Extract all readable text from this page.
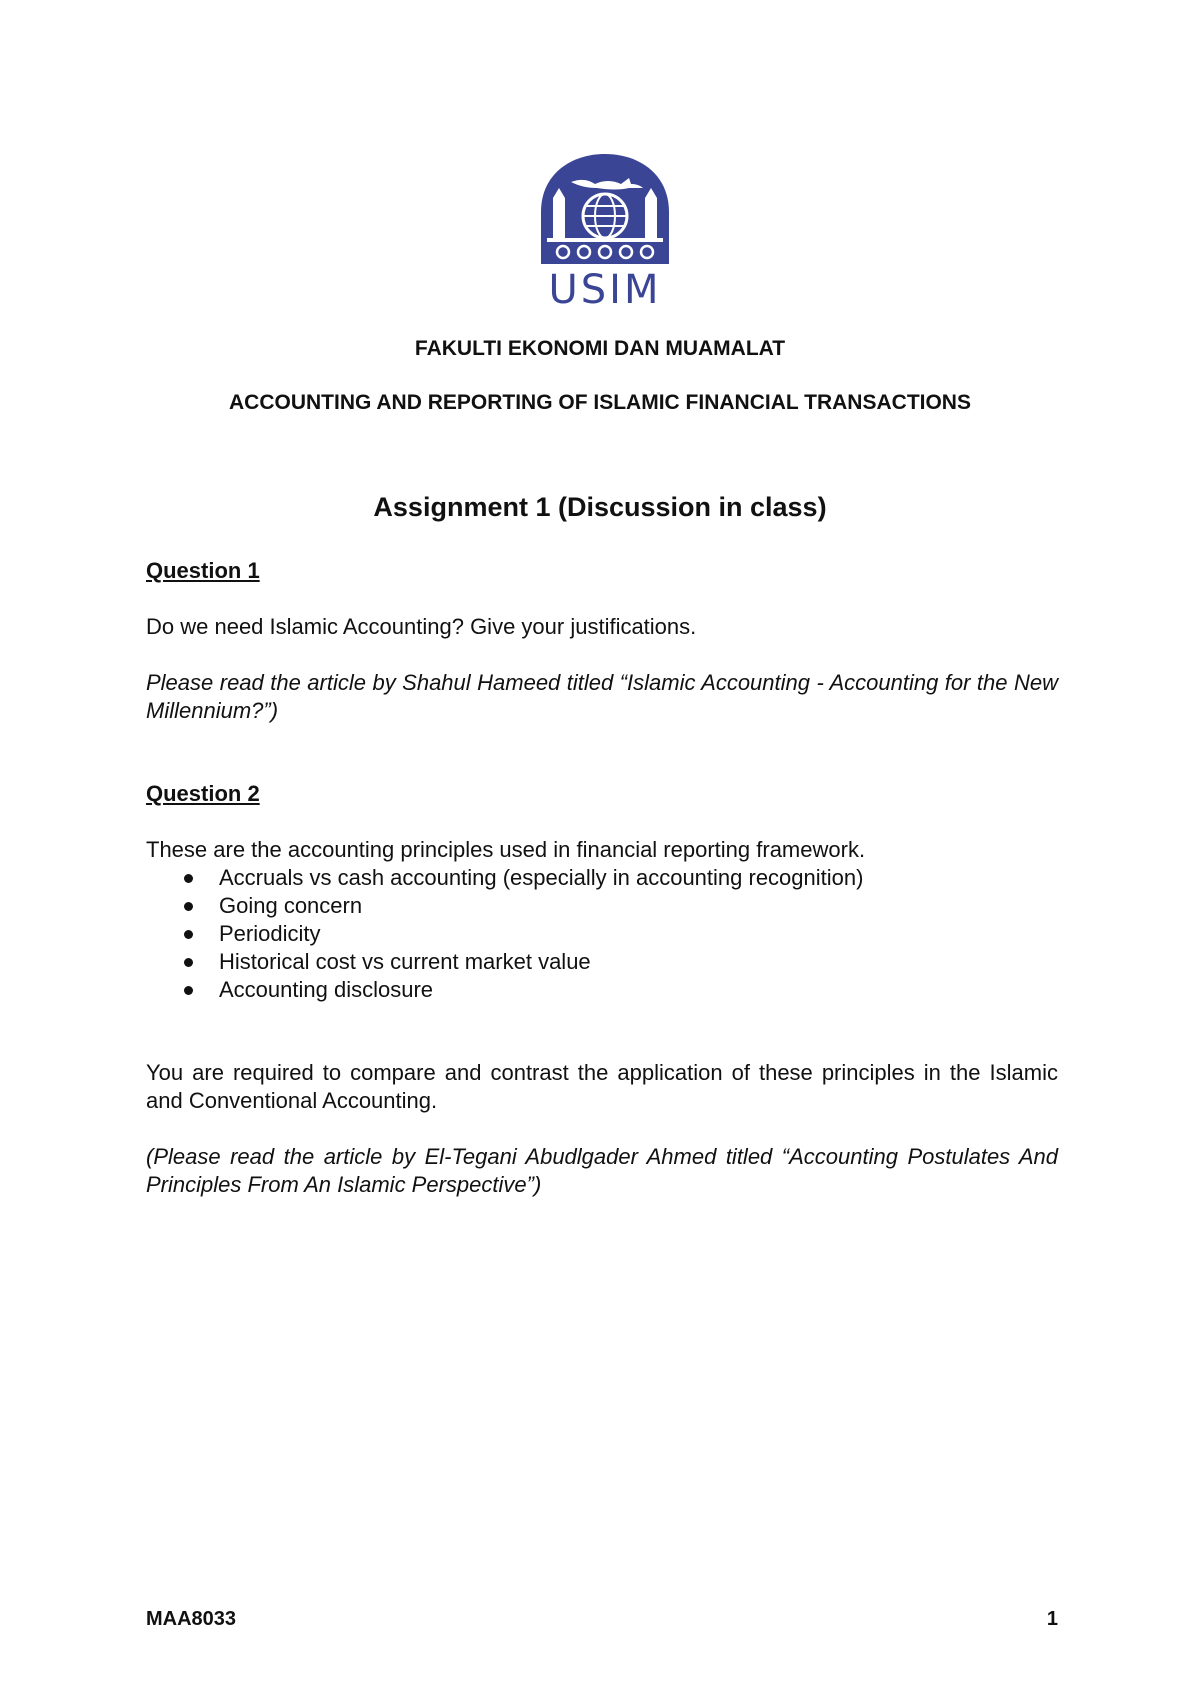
USIM
FAKULTI EKONOMI DAN MUAMALAT
ACCOUNTING AND REPORTING OF ISLAMIC FINANCIAL TRANSACTIONS
Assignment 1 (Discussion in class)
Question 1
Do we need Islamic Accounting? Give your justifications.
Please read the article by Shahul Hameed titled “Islamic Accounting - Accounting for the New Millennium?”)
Question 2
These are the accounting principles used in financial reporting framework.
Accruals vs cash accounting (especially in accounting recognition)
Going concern
Periodicity
Historical cost vs current market value
Accounting disclosure
You are required to compare and contrast the application of these principles in the Islamic and Conventional Accounting.
(Please read the article by El-Tegani Abudlgader Ahmed titled “Accounting Postulates And Principles From An Islamic Perspective”)
MAA8033	1
